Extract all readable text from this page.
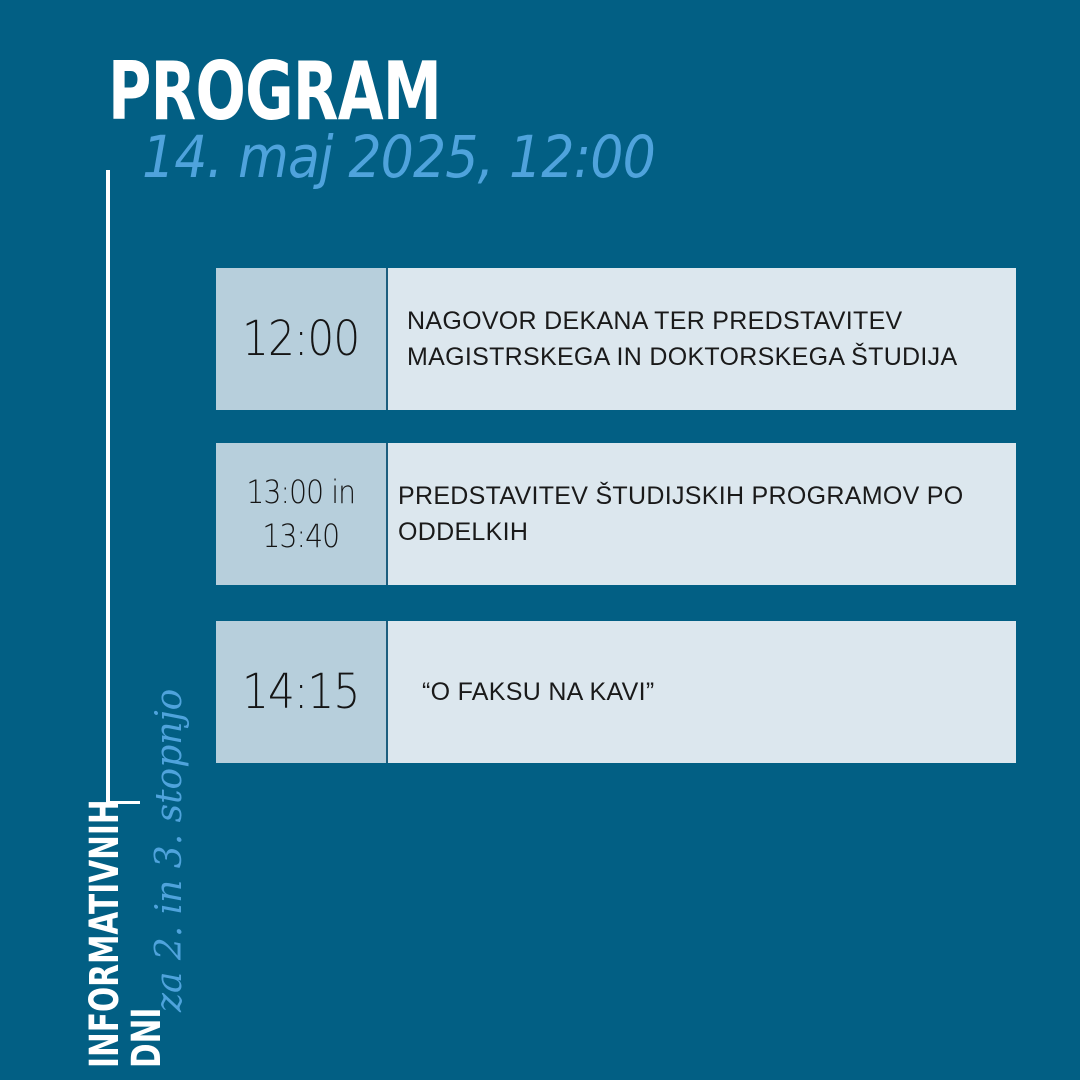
PROGRAM
14. maj 2025, 12:00
INFORMATIVNIH
DNI
za 2. in 3. stopnjo
12:00 NAGOVOR DEKANA TER PREDSTAVITEV MAGISTRSKEGA IN DOKTORSKEGA ŠTUDIJA
13:00 in
13:40
PREDSTAVITEV ŠTUDIJSKIH PROGRAMOV PO ODDELKIH
14:15 “O FAKSU NA KAVI”
